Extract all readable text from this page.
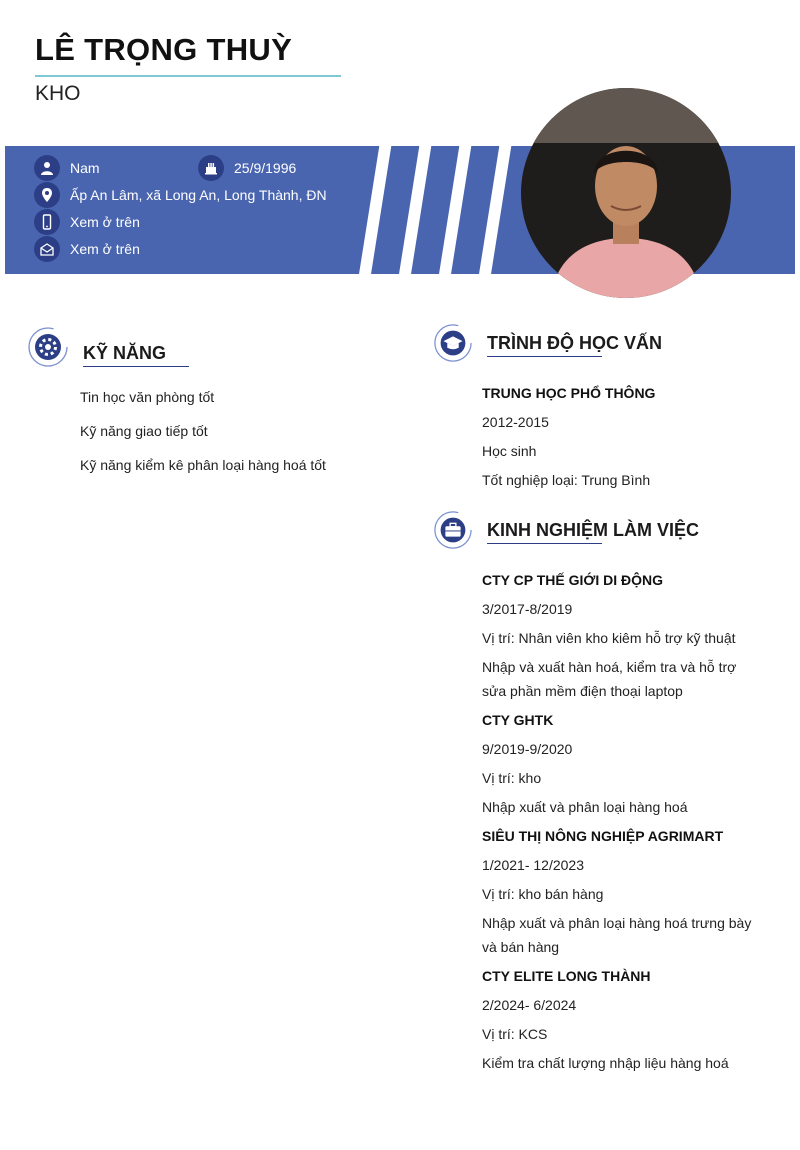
LÊ TRỌNG THUỲ
KHO
Nam	25/9/1996
Ấp An Lâm, xã Long An, Long Thành, ĐN
Xem ở trên
Xem ở trên
KỸ NĂNG
Tin học văn phòng tốt
Kỹ năng giao tiếp tốt
Kỹ năng kiểm kê phân loại hàng hoá tốt
TRÌNH ĐỘ HỌC VẤN
TRUNG HỌC PHỔ THÔNG
2012-2015
Học sinh
Tốt nghiệp loại: Trung Bình
KINH NGHIỆM LÀM VIỆC
CTY CP THẾ GIỚI DI ĐỘNG
3/2017-8/2019
Vị trí: Nhân viên kho kiêm hỗ trợ kỹ thuật
Nhập và xuất hàn hoá, kiểm tra và hỗ trợ sửa phần mềm điện thoại laptop
CTY GHTK
9/2019-9/2020
Vị trí: kho
Nhập xuất và phân loại hàng hoá
SIÊU THỊ NÔNG NGHIỆP AGRIMART
1/2021- 12/2023
Vị trí: kho bán hàng
Nhập xuất và phân loại hàng hoá trưng bày và bán hàng
CTY ELITE LONG THÀNH
2/2024- 6/2024
Vị trí: KCS
Kiểm tra chất lượng nhập liệu hàng hoá
